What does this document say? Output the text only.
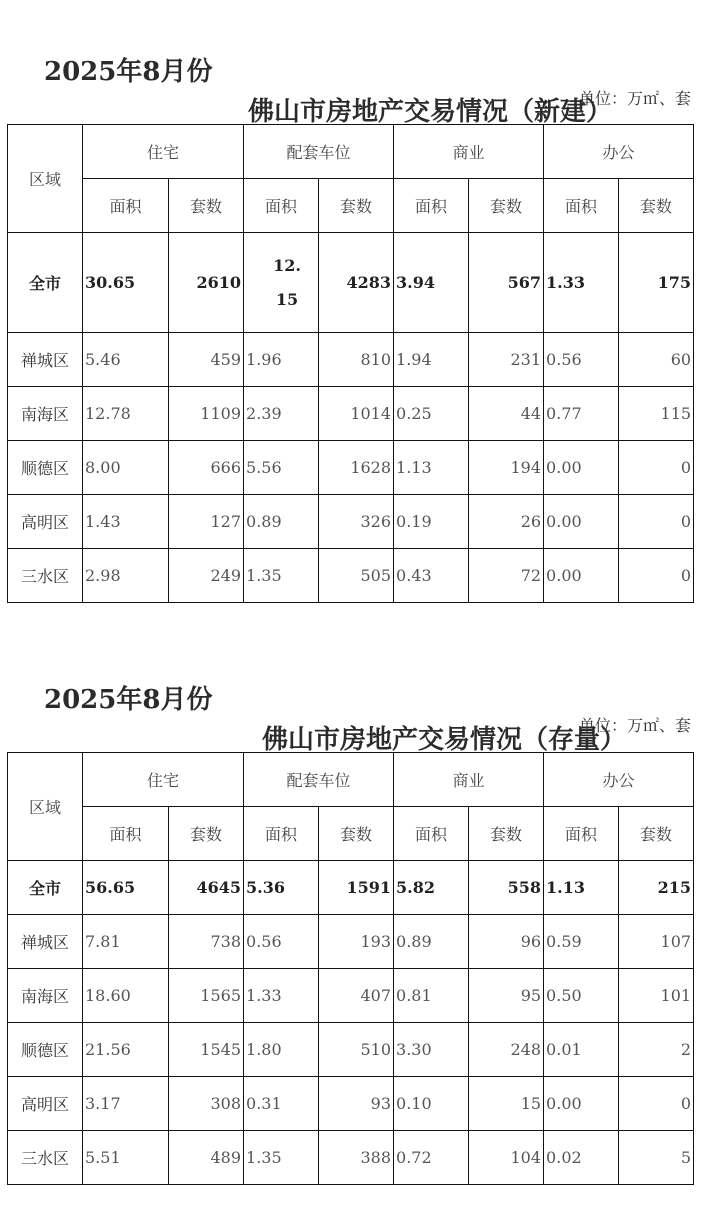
2025年8月份

佛山市房地产交易情况（新建）

单位：万㎡、套
区域	住宅		配套车位		商业		办公	
	面积	套数	面积	套数	面积	套数	面积	套数
全市	30.65	2610	12.15	4283	3.94	567	1.33	175
禅城区	5.46	459	1.96	810	1.94	231	0.56	60
南海区	12.78	1109	2.39	1014	0.25	44	0.77	115
顺德区	8.00	666	5.56	1628	1.13	194	0.00	0
高明区	1.43	127	0.89	326	0.19	26	0.00	0
三水区	2.98	249	1.35	505	0.43	72	0.00	0

2025年8月份

佛山市房地产交易情况（存量）

单位：万㎡、套
区域	住宅		配套车位		商业		办公	
	面积	套数	面积	套数	面积	套数	面积	套数
全市	56.65	4645	5.36	1591	5.82	558	1.13	215
禅城区	7.81	738	0.56	193	0.89	96	0.59	107
南海区	18.60	1565	1.33	407	0.81	95	0.50	101
顺德区	21.56	1545	1.80	510	3.30	248	0.01	2
高明区	3.17	308	0.31	93	0.10	15	0.00	0
三水区	5.51	489	1.35	388	0.72	104	0.02	5
